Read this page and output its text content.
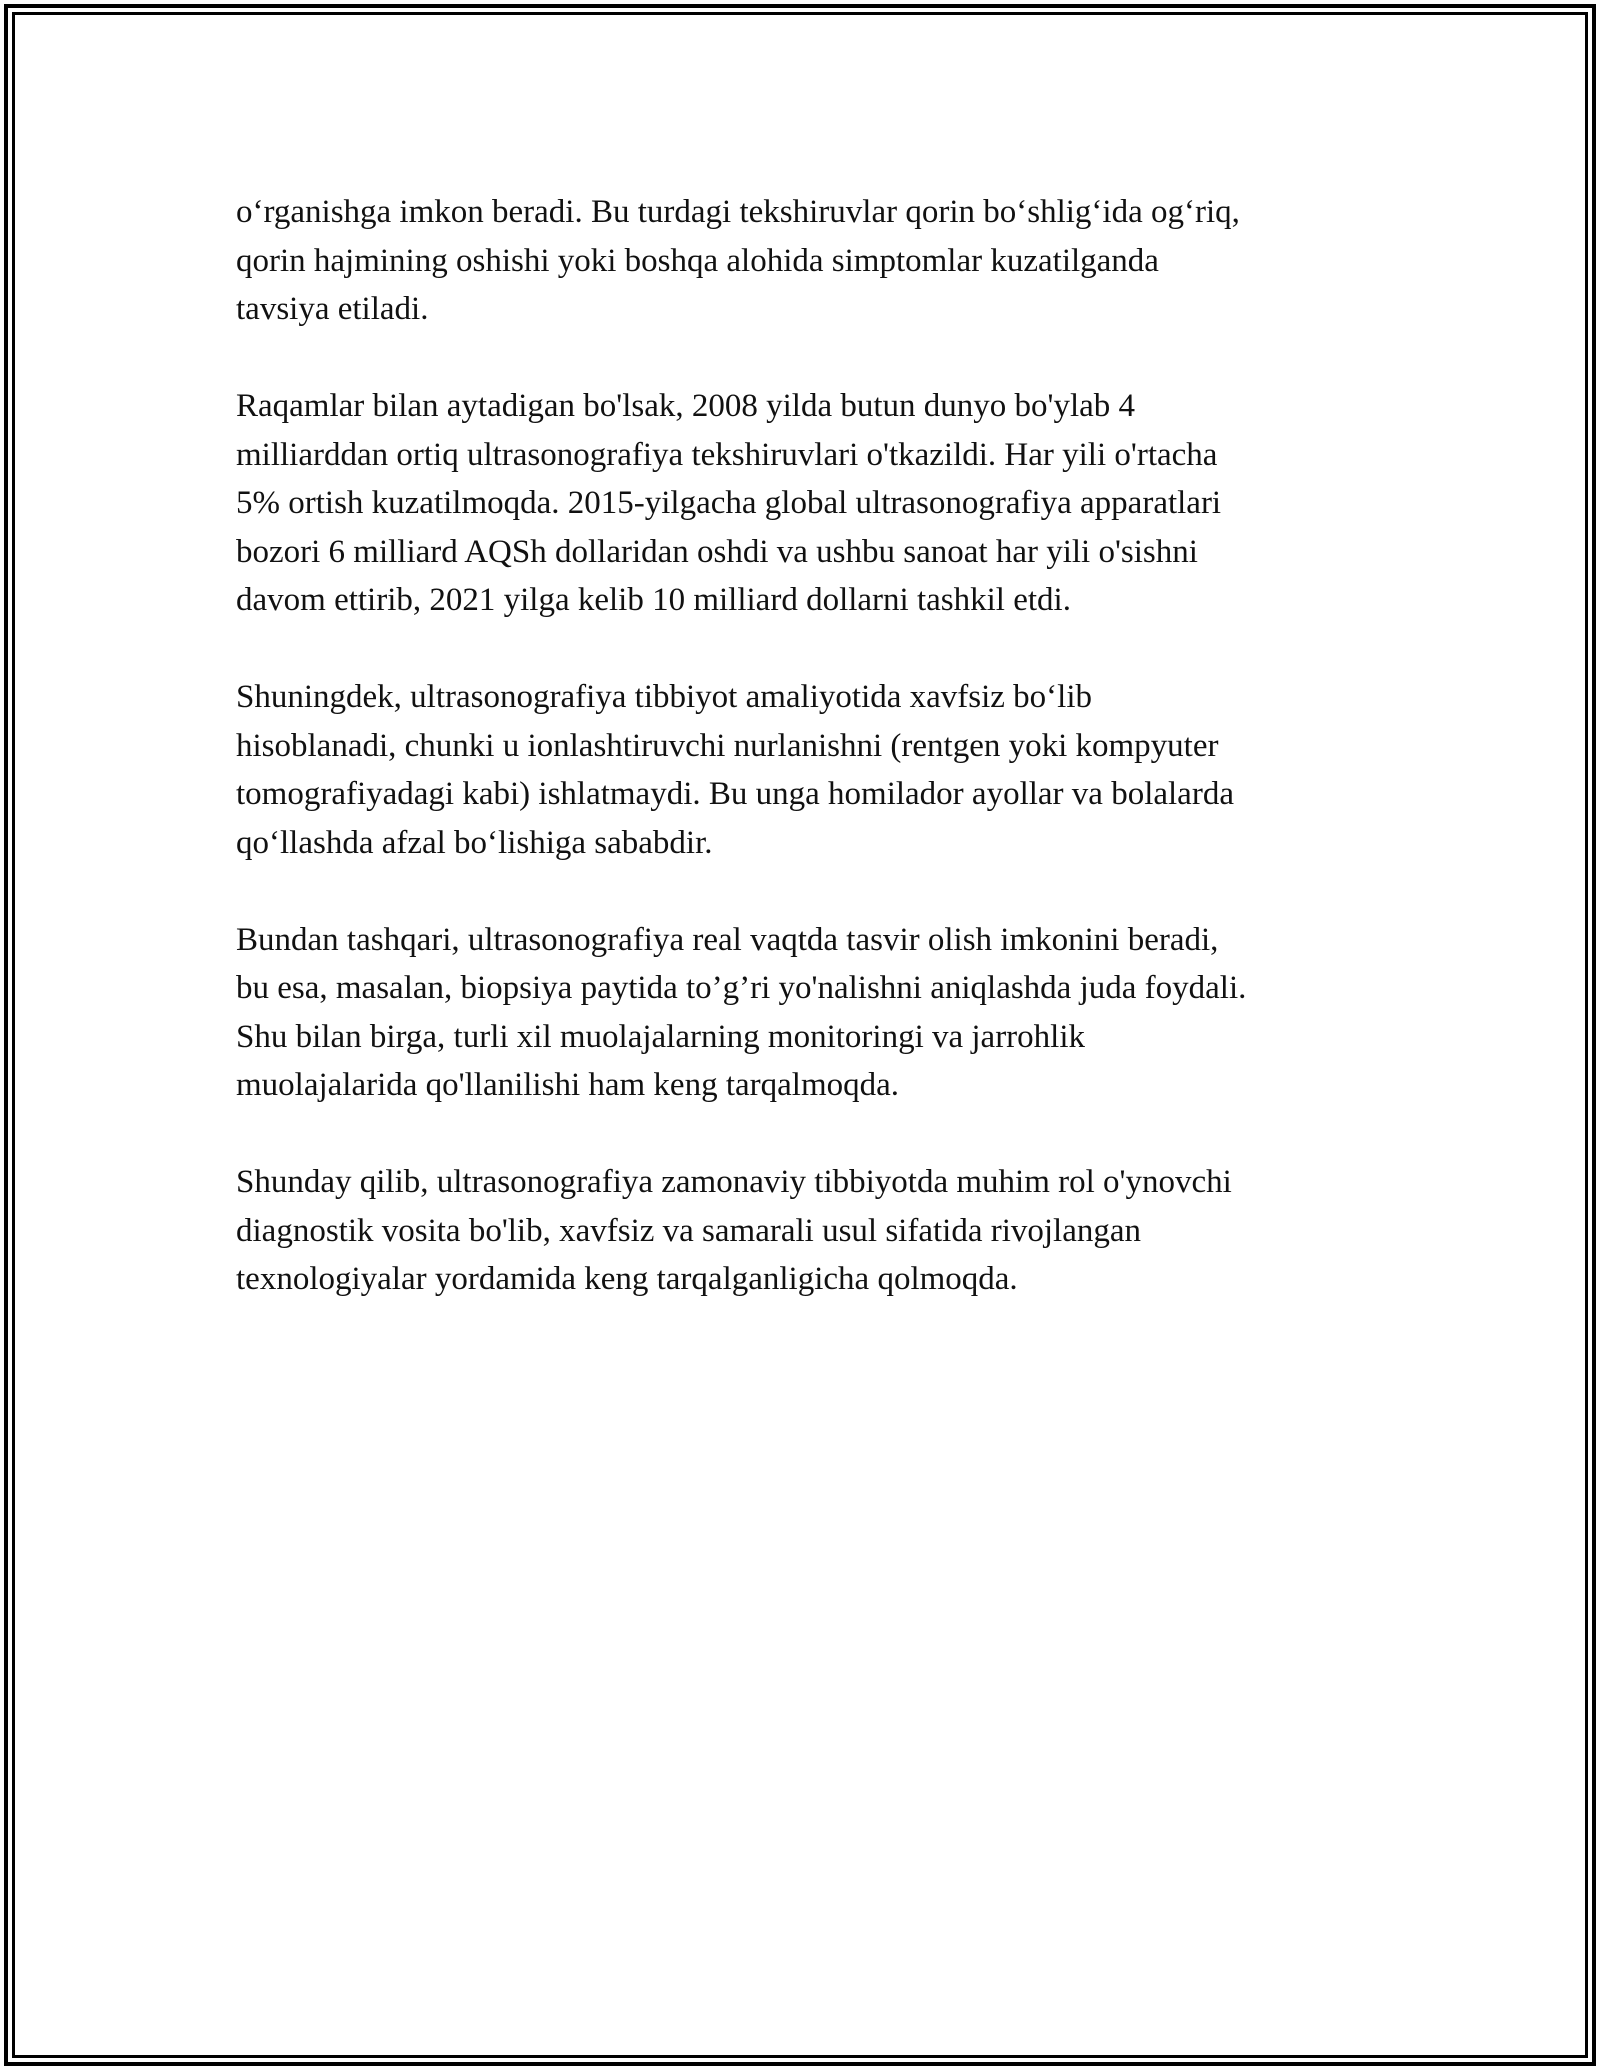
o‘rganishga imkon beradi. Bu turdagi tekshiruvlar qorin bo‘shlig‘ida og‘riq,
qorin hajmining oshishi yoki boshqa alohida simptomlar kuzatilganda
tavsiya etiladi.

Raqamlar bilan aytadigan bo'lsak, 2008 yilda butun dunyo bo'ylab 4
milliarddan ortiq ultrasonografiya tekshiruvlari o'tkazildi. Har yili o'rtacha
5% ortish kuzatilmoqda. 2015-yilgacha global ultrasonografiya apparatlari
bozori 6 milliard AQSh dollaridan oshdi va ushbu sanoat har yili o'sishni
davom ettirib, 2021 yilga kelib 10 milliard dollarni tashkil etdi.

Shuningdek, ultrasonografiya tibbiyot amaliyotida xavfsiz bo‘lib
hisoblanadi, chunki u ionlashtiruvchi nurlanishni (rentgen yoki kompyuter
tomografiyadagi kabi) ishlatmaydi. Bu unga homilador ayollar va bolalarda
qo‘llashda afzal bo‘lishiga sababdir.

Bundan tashqari, ultrasonografiya real vaqtda tasvir olish imkonini beradi,
bu esa, masalan, biopsiya paytida to’g’ri yo'nalishni aniqlashda juda foydali.
Shu bilan birga, turli xil muolajalarning monitoringi va jarrohlik
muolajalarida qo'llanilishi ham keng tarqalmoqda.

Shunday qilib, ultrasonografiya zamonaviy tibbiyotda muhim rol o'ynovchi
diagnostik vosita bo'lib, xavfsiz va samarali usul sifatida rivojlangan
texnologiyalar yordamida keng tarqalganligicha qolmoqda.
